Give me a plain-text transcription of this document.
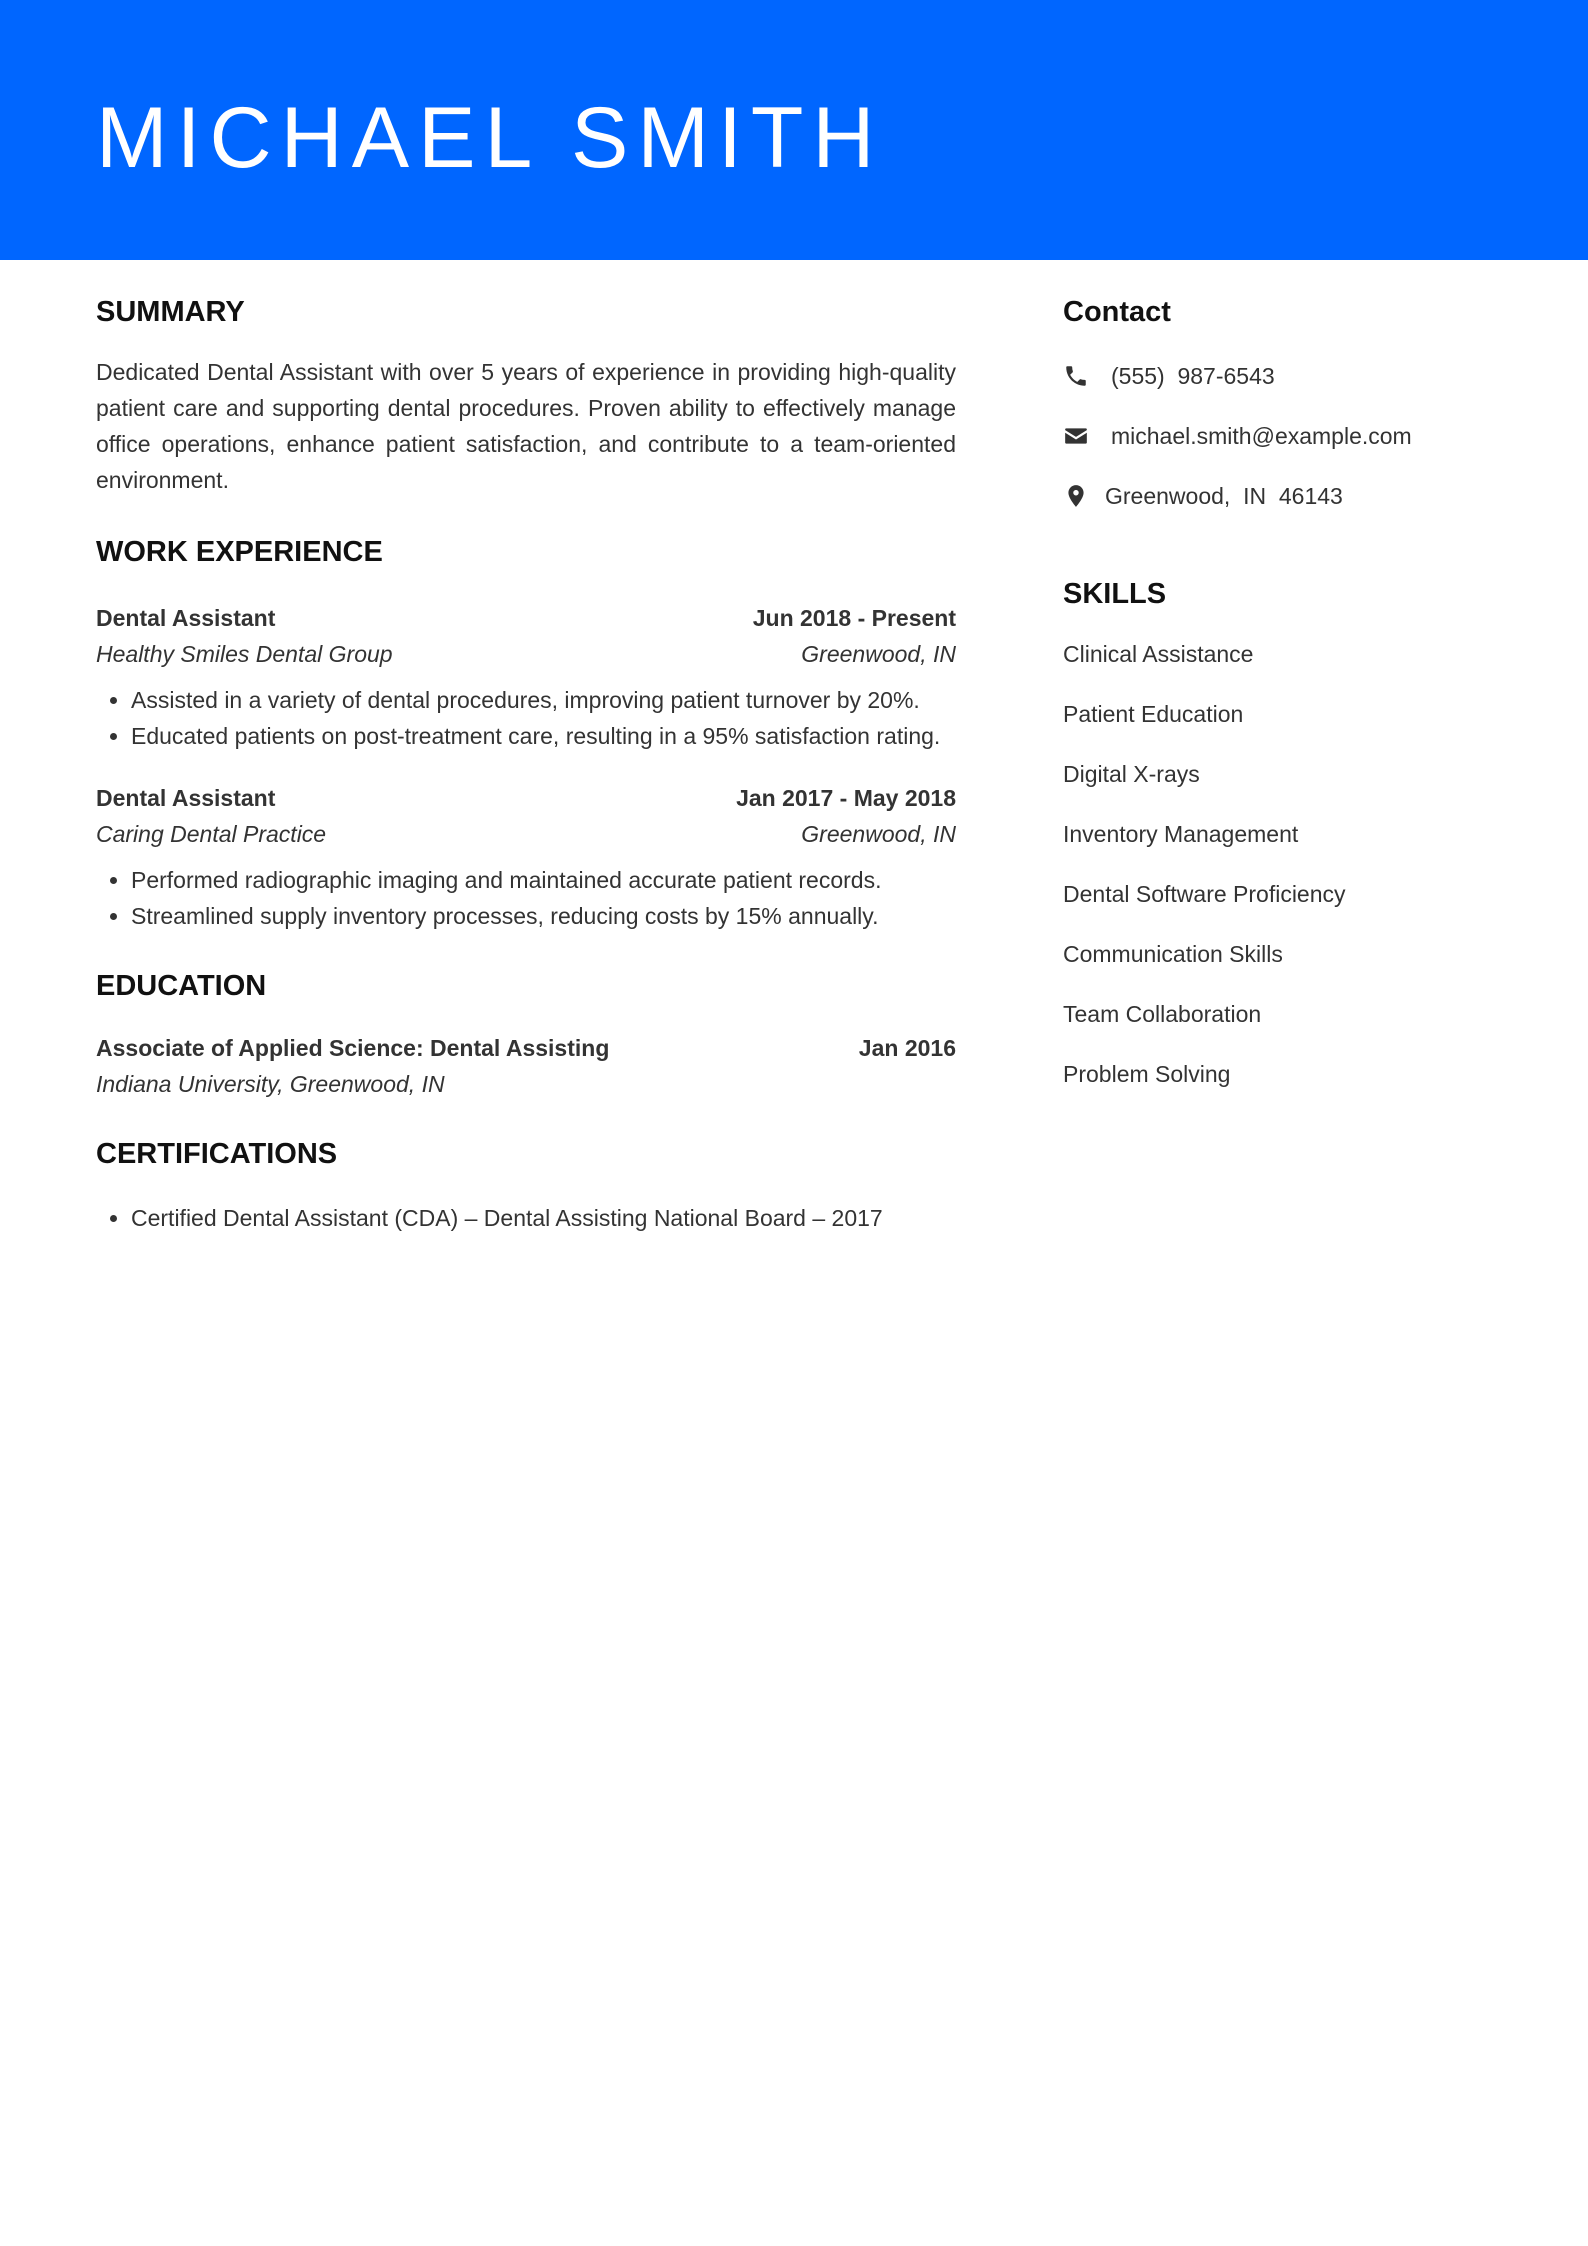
MICHAEL SMITH
SUMMARY

Dedicated Dental Assistant with over 5 years of experience in providing high-quality patient care and supporting dental procedures. Proven ability to effectively manage office operations, enhance patient satisfaction, and contribute to a team-oriented environment.

WORK EXPERIENCE
Dental Assistant	Jun 2018 - Present
Healthy Smiles Dental Group	Greenwood, IN
• Assisted in a variety of dental procedures, improving patient turnover by 20%.
• Educated patients on post-treatment care, resulting in a 95% satisfaction rating.
Dental Assistant	Jan 2017 - May 2018
Caring Dental Practice	Greenwood, IN
• Performed radiographic imaging and maintained accurate patient records.
• Streamlined supply inventory processes, reducing costs by 15% annually.
EDUCATION
Associate of Applied Science: Dental Assisting	Jan 2016
Indiana University, Greenwood, IN
CERTIFICATIONS
• Certified Dental Assistant (CDA) – Dental Assisting National Board – 2017
Contact
(555)  987-6543
michael.smith@example.com
Greenwood,  IN  46143
SKILLS
Clinical Assistance
Patient Education
Digital X-rays
Inventory Management
Dental Software Proficiency
Communication Skills
Team Collaboration
Problem Solving
